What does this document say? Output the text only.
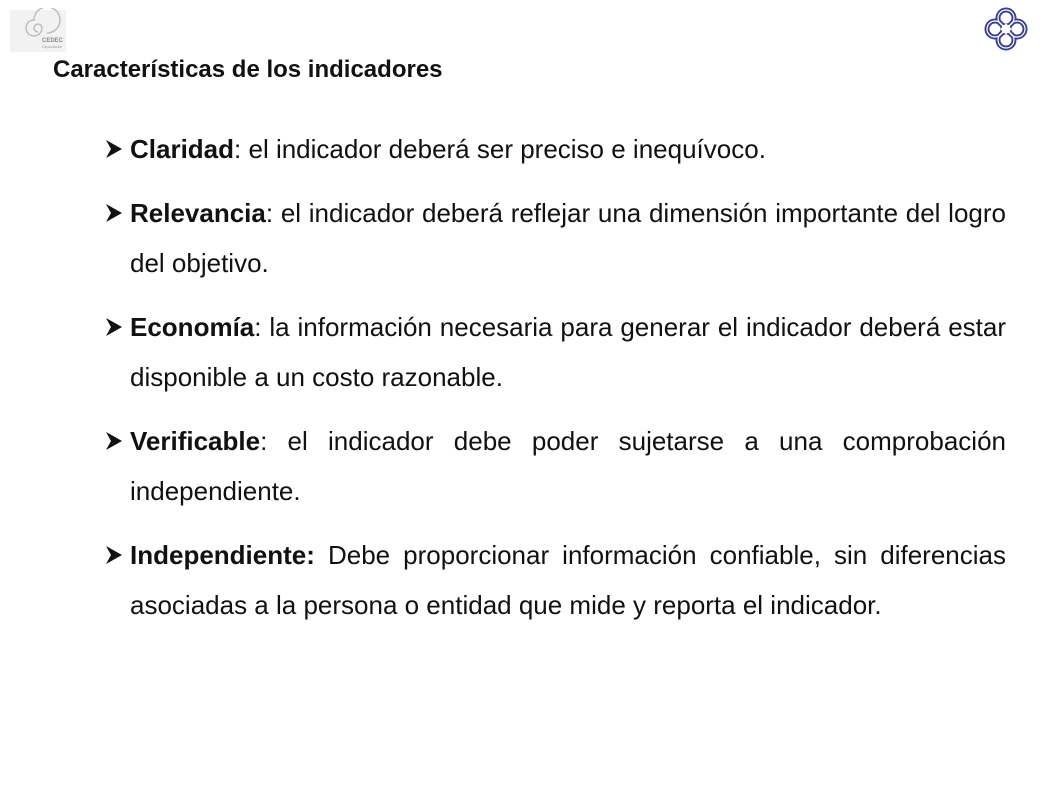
CEDEC
Capacitación
Características de los indicadores

Claridad: el indicador deberá ser preciso e inequívoco.

Relevancia: el indicador deberá reflejar una dimensión importante del logro del objetivo.

Economía: la información necesaria para generar el indicador deberá estar disponible a un costo razonable.

Verificable: el indicador debe poder sujetarse a una comprobación independiente.

Independiente: Debe proporcionar información confiable, sin diferencias asociadas a la persona o entidad que mide y reporta el indicador.
